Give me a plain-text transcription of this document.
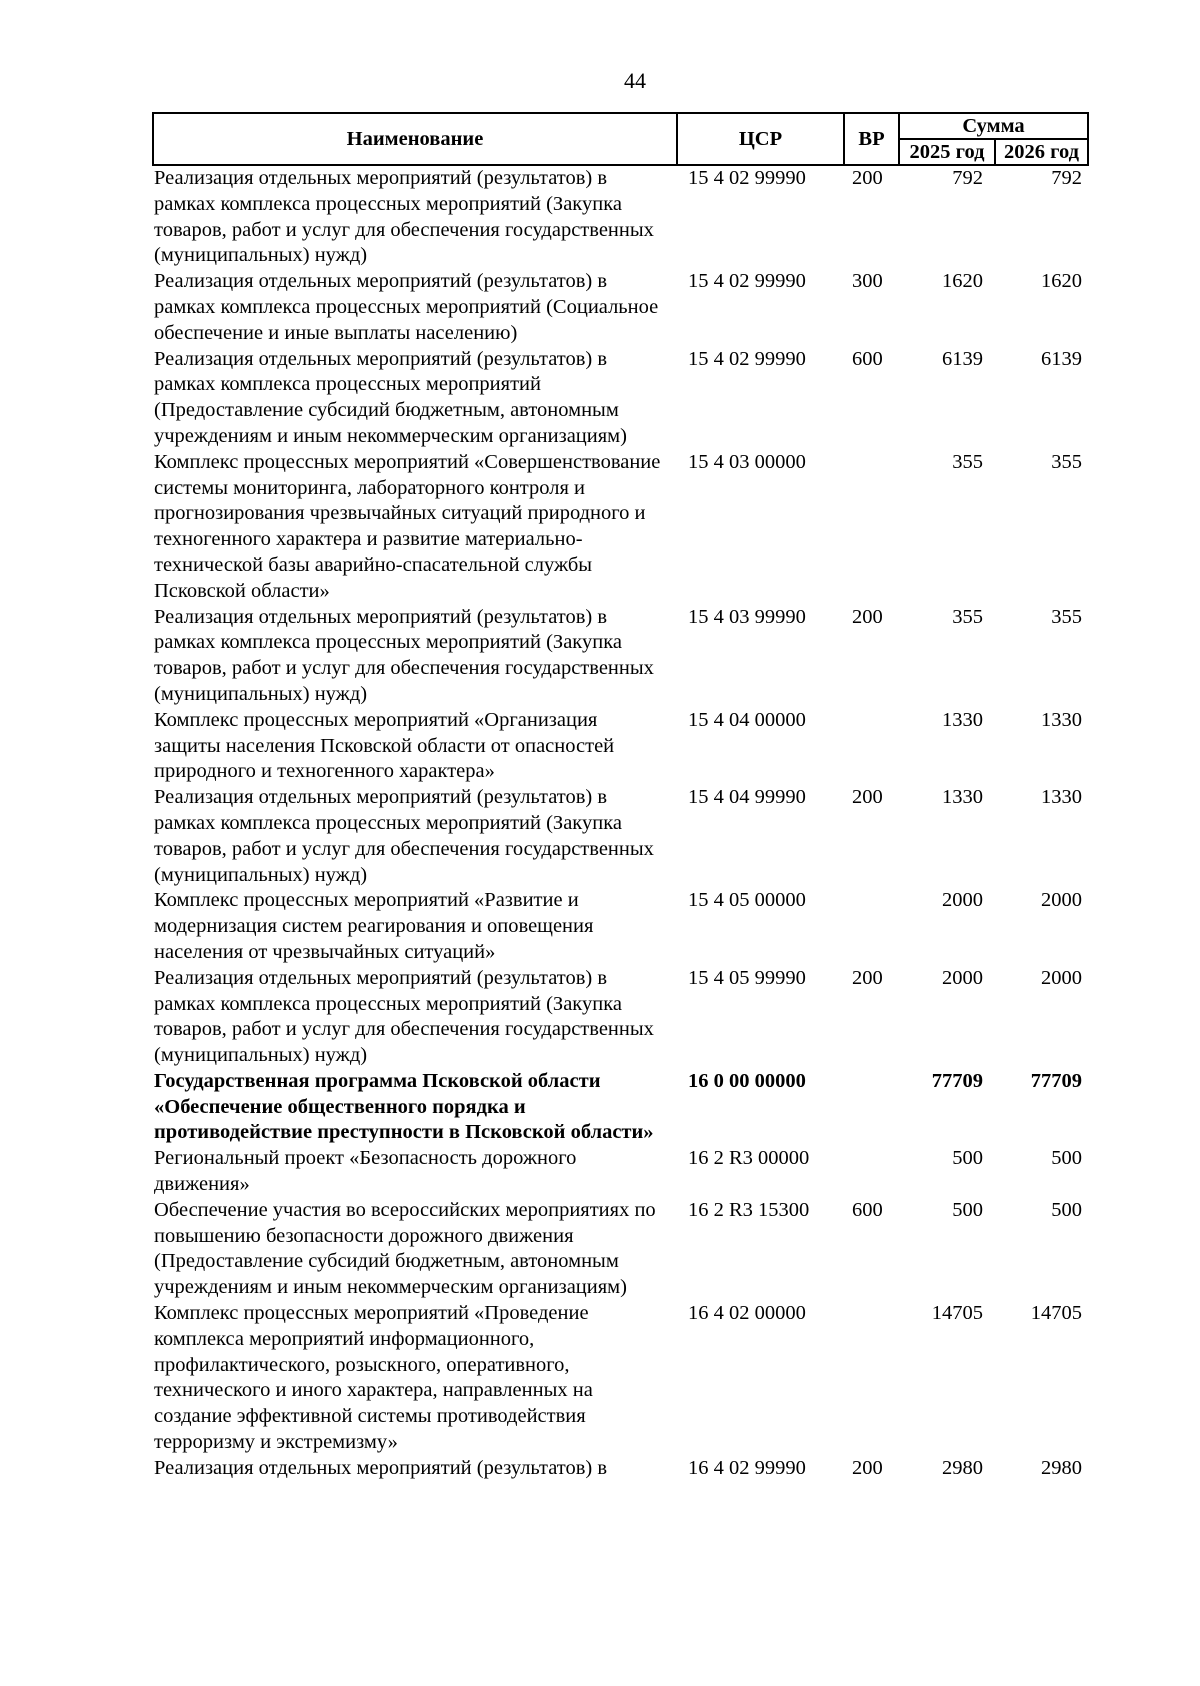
44
Наименование	ЦСР	ВР	Сумма	
			2025 год	2026 год
Реализация отдельных мероприятий (результатов) в рамках комплекса процессных мероприятий (Закупка товаров, работ и услуг для обеспечения государственных (муниципальных) нужд)	15 4 02 99990	200	792	792
Реализация отдельных мероприятий (результатов) в рамках комплекса процессных мероприятий (Социальное обеспечение и иные выплаты населению)	15 4 02 99990	300	1620	1620
Реализация отдельных мероприятий (результатов) в рамках комплекса процессных мероприятий (Предоставление субсидий бюджетным, автономным учреждениям и иным некоммерческим организациям)	15 4 02 99990	600	6139	6139
Комплекс процессных мероприятий «Совершенствование системы мониторинга, лабораторного контроля и прогнозирования чрезвычайных ситуаций природного и техногенного характера и развитие материально-технической базы аварийно-спасательной службы Псковской области»	15 4 03 00000		355	355
Реализация отдельных мероприятий (результатов) в рамках комплекса процессных мероприятий (Закупка товаров, работ и услуг для обеспечения государственных (муниципальных) нужд)	15 4 03 99990	200	355	355
Комплекс процессных мероприятий «Организация защиты населения Псковской области от опасностей природного и техногенного характера»	15 4 04 00000		1330	1330
Реализация отдельных мероприятий (результатов) в рамках комплекса процессных мероприятий (Закупка товаров, работ и услуг для обеспечения государственных (муниципальных) нужд)	15 4 04 99990	200	1330	1330
Комплекс процессных мероприятий «Развитие и модернизация систем реагирования и оповещения населения от чрезвычайных ситуаций»	15 4 05 00000		2000	2000
Реализация отдельных мероприятий (результатов) в рамках комплекса процессных мероприятий (Закупка товаров, работ и услуг для обеспечения государственных (муниципальных) нужд)	15 4 05 99990	200	2000	2000
Государственная программа Псковской области «Обеспечение общественного порядка и противодействие преступности в Псковской области»	16 0 00 00000		77709	77709
Региональный проект «Безопасность дорожного движения»	16 2 R3 00000		500	500
Обеспечение участия во всероссийских мероприятиях по повышению безопасности дорожного движения (Предоставление субсидий бюджетным, автономным учреждениям и иным некоммерческим организациям)	16 2 R3 15300	600	500	500
Комплекс процессных мероприятий «Проведение комплекса мероприятий информационного, профилактического, розыскного, оперативного, технического и иного характера, направленных на создание эффективной системы противодействия терроризму и экстремизму»	16 4 02 00000		14705	14705
Реализация отдельных мероприятий (результатов) в	16 4 02 99990	200	2980	2980
